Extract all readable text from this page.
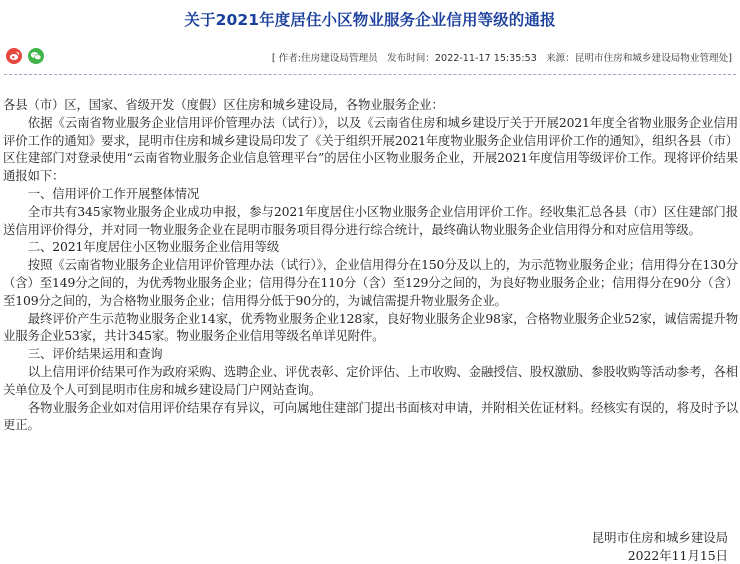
关于2021年度居住小区物业服务企业信用等级的通报
[ 作者:住房建设局管理员 发布时间：2022-11-17 15:35:53 来源：昆明市住房和城乡建设局物业管理处]

各县（市）区，国家、省级开发（度假）区住房和城乡建设局，各物业服务企业：

依据《云南省物业服务企业信用评价管理办法（试行）》，以及《云南省住房和城乡建设厅关于开展2021年度全省物业服务企业信用评价工作的通知》要求，昆明市住房和城乡建设局印发了《关于组织开展2021年度物业服务企业信用评价工作的通知》，组织各县（市）区住建部门对登录使用“云南省物业服务企业信息管理平台”的居住小区物业服务企业，开展2021年度信用等级评价工作。现将评价结果通报如下：

一、信用评价工作开展整体情况

全市共有345家物业服务企业成功申报，参与2021年度居住小区物业服务企业信用评价工作。经收集汇总各县（市）区住建部门报送信用评价得分，并对同一物业服务企业在昆明市服务项目得分进行综合统计，最终确认物业服务企业信用得分和对应信用等级。

二、2021年度居住小区物业服务企业信用等级

按照《云南省物业服务企业信用评价管理办法（试行）》，企业信用得分在150分及以上的，为示范物业服务企业；信用得分在130分（含）至149分之间的，为优秀物业服务企业；信用得分在110分（含）至129分之间的，为良好物业服务企业；信用得分在90分（含）至109分之间的，为合格物业服务企业；信用得分低于90分的，为诚信需提升物业服务企业。

最终评价产生示范物业服务企业14家，优秀物业服务企业128家，良好物业服务企业98家，合格物业服务企业52家，诚信需提升物业服务企业53家，共计345家。物业服务企业信用等级名单详见附件。

三、评价结果运用和查询

以上信用评价结果可作为政府采购、选聘企业、评优表彰、定价评估、上市收购、金融授信、股权激励、参股收购等活动参考，各相关单位及个人可到昆明市住房和城乡建设局门户网站查询。

各物业服务企业如对信用评价结果存有异议，可向属地住建部门提出书面核对申请，并附相关佐证材料。经核实有误的，将及时予以更正。

昆明市住房和城乡建设局
2022年11月15日
